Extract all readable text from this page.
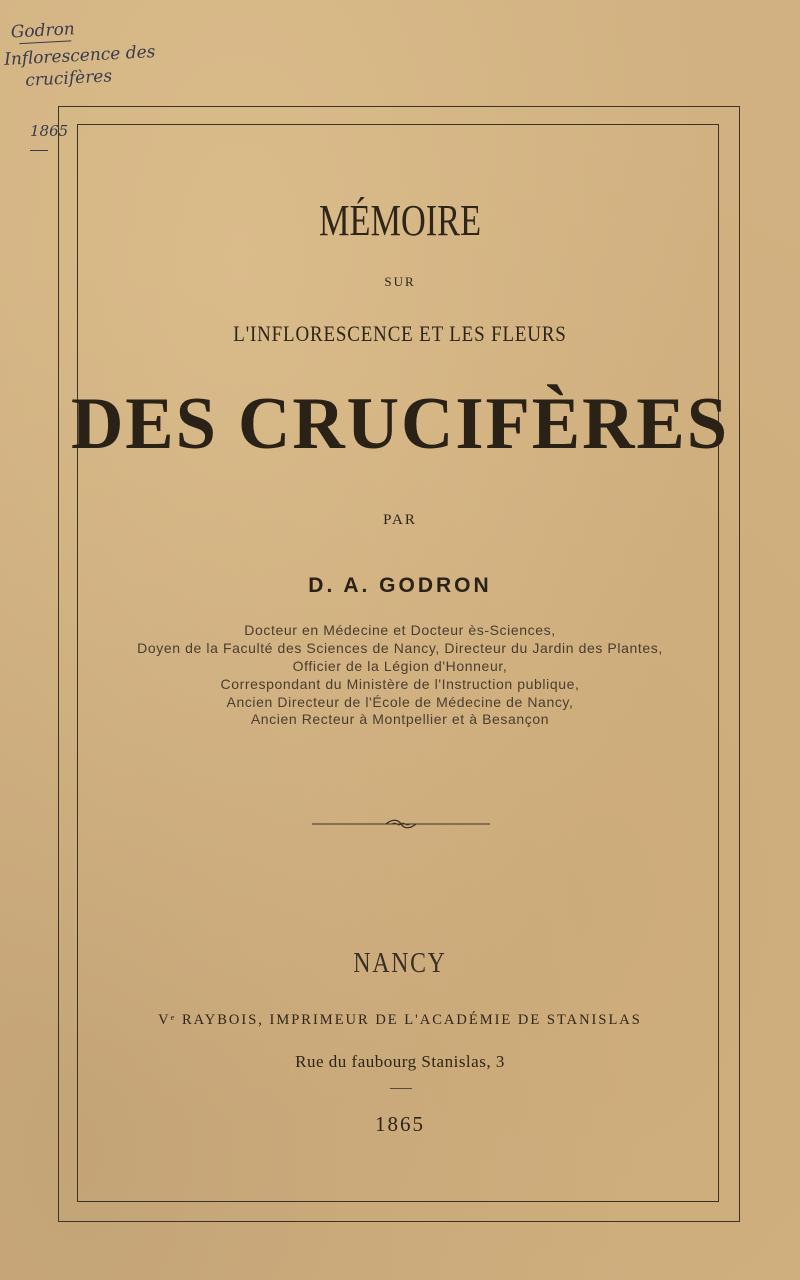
Godron
Inflorescence des
crucifères
1865
MÉMOIRE
SUR
L'INFLORESCENCE ET LES FLEURS
DES CRUCIFÈRES
PAR
D. A. GODRON
Docteur en Médecine et Docteur ès-Sciences,
Doyen de la Faculté des Sciences de Nancy, Directeur du Jardin des Plantes,
Officier de la Légion d'Honneur,
Correspondant du Ministère de l'Instruction publique,
Ancien Directeur de l'École de Médecine de Nancy,
Ancien Recteur à Montpellier et à Besançon
NANCY
Vᵉ RAYBOIS, IMPRIMEUR DE L'ACADÉMIE DE STANISLAS
Rue du faubourg Stanislas, 3
1865
